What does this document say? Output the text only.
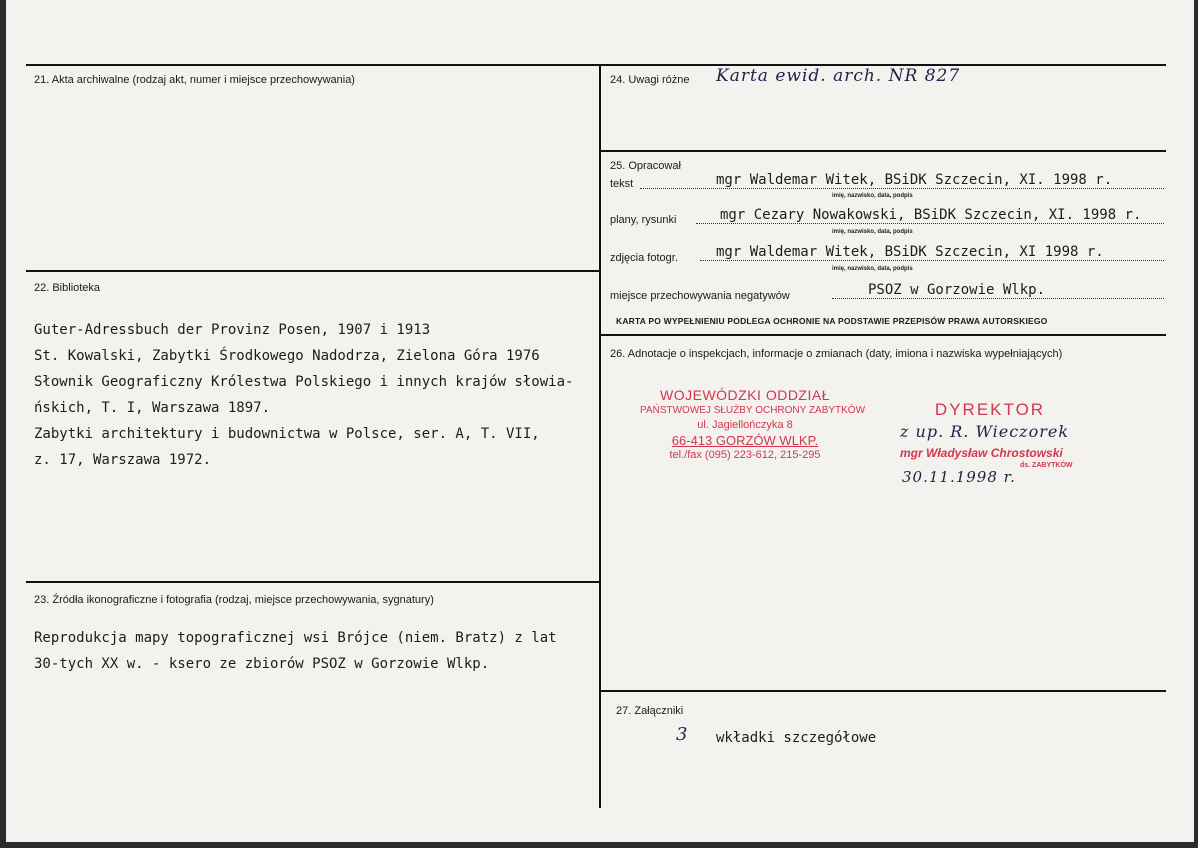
21. Akta archiwalne (rodzaj akt, numer i miejsce przechowywania)
22. Biblioteka
Guter-Adressbuch der Provinz Posen, 1907 i 1913
St. Kowalski, Zabytki Środkowego Nadodrza, Zielona Góra 1976
Słownik Geograficzny Królestwa Polskiego i innych krajów słowia-
ńskich, T. I, Warszawa 1897.
Zabytki architektury i budownictwa w Polsce, ser. A, T. VII,
z. 17, Warszawa 1972.
23. Źródła ikonograficzne i fotografia (rodzaj, miejsce przechowywania, sygnatury)
Reprodukcja mapy topograficznej wsi Brójce (niem. Bratz) z lat
30-tych XX w. - ksero ze zbiorów PSOZ w Gorzowie Wlkp.
24. Uwagi różne Karta ewid. arch. NR 827
25. Opracował
tekst	mgr Waldemar Witek, BSiDK Szczecin, XI. 1998 r.
imię, nazwisko, data, podpis
plany, rysunki	mgr Cezary Nowakowski, BSiDK Szczecin, XI. 1998 r.
imię, nazwisko, data, podpis
zdjęcia fotogr.	mgr Waldemar Witek, BSiDK Szczecin, XI 1998 r.
imię, nazwisko, data, podpis
miejsce przechowywania negatywów	PSOZ w Gorzowie Wlkp.
KARTA PO WYPEŁNIENIU PODLEGA OCHRONIE NA PODSTAWIE PRZEPISÓW PRAWA AUTORSKIEGO
26. Adnotacje o inspekcjach, informacje o zmianach (daty, imiona i nazwiska wypełniających)
WOJEWÓDZKI ODDZIAŁ
PAŃSTWOWEJ SŁUŻBY OCHRONY ZABYTKÓW
ul. Jagiellończyka 8
66-413 GORZÓW WLKP.
tel./fax (095) 223-612, 215-295
DYREKTOR
z up. R. Wieczorek
mgr Władysław Chrostowski
ds. ZABYTKÓW
30.11.1998 r.
27. Załączniki
3 wkładki szczegółowe
